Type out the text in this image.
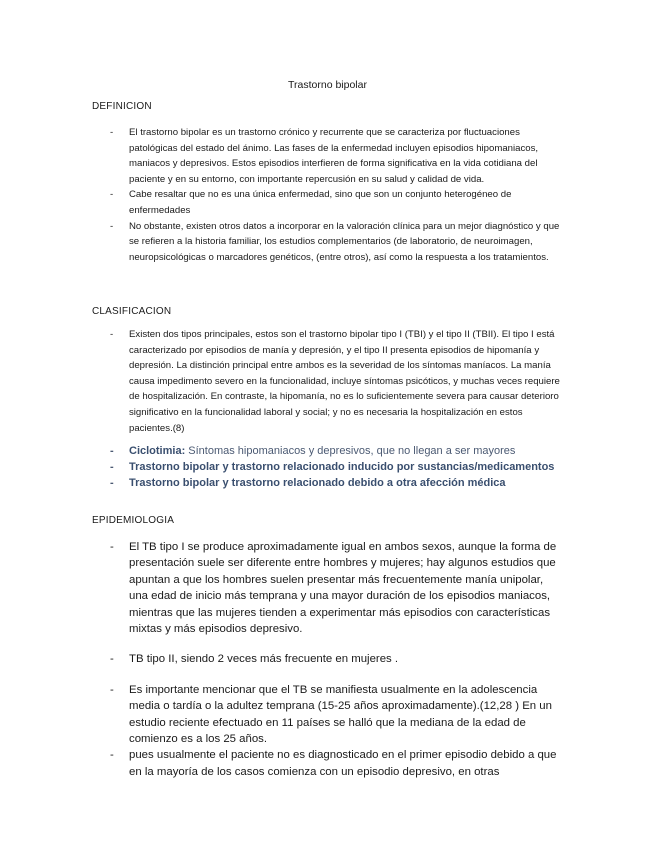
Trastorno bipolar
DEFINICION
- El trastorno bipolar es un trastorno crónico y recurrente que se caracteriza por fluctuaciones patológicas del estado del ánimo. Las fases de la enfermedad incluyen episodios hipomaniacos, maniacos y depresivos. Estos episodios interfieren de forma significativa en la vida cotidiana del paciente y en su entorno, con importante repercusión en su salud y calidad de vida.
- Cabe resaltar que no es una única enfermedad, sino que son un conjunto heterogéneo de enfermedades
- No obstante, existen otros datos a incorporar en la valoración clínica para un mejor diagnóstico y que se refieren a la historia familiar, los estudios complementarios (de laboratorio, de neuroimagen, neuropsicológicas o marcadores genéticos, (entre otros), así como la respuesta a los tratamientos.
CLASIFICACION
- Existen dos tipos principales, estos son el trastorno bipolar tipo I (TBI) y el tipo II (TBII). El tipo I está caracterizado por episodios de manía y depresión, y el tipo II presenta episodios de hipomanía y depresión. La distinción principal entre ambos es la severidad de los síntomas maníacos. La manía causa impedimento severo en la funcionalidad, incluye síntomas psicóticos, y muchas veces requiere de hospitalización. En contraste, la hipomanía, no es lo suficientemente severa para causar deterioro significativo en la funcionalidad laboral y social; y no es necesaria la hospitalización en estos pacientes.(8)
- Ciclotimia: Síntomas hipomaniacos y depresivos, que no llegan a ser mayores
- Trastorno bipolar y trastorno relacionado inducido por sustancias/medicamentos
- Trastorno bipolar y trastorno relacionado debido a otra afección médica
EPIDEMIOLOGIA
- El TB tipo I se produce aproximadamente igual en ambos sexos, aunque la forma de presentación suele ser diferente entre hombres y mujeres; hay algunos estudios que apuntan a que los hombres suelen presentar más frecuentemente manía unipolar, una edad de inicio más temprana y una mayor duración de los episodios maniacos, mientras que las mujeres tienden a experimentar más episodios con características mixtas y más episodios depresivo.
- TB tipo II, siendo 2 veces más frecuente en mujeres .
- Es importante mencionar que el TB se manifiesta usualmente en la adolescencia media o tardía o la adultez temprana (15-25 años aproximadamente).(12,28 ) En un estudio reciente efectuado en 11 países se halló que la mediana de la edad de comienzo es a los 25 años.
- pues usualmente el paciente no es diagnosticado en el primer episodio debido a que en la mayoría de los casos comienza con un episodio depresivo, en otras
